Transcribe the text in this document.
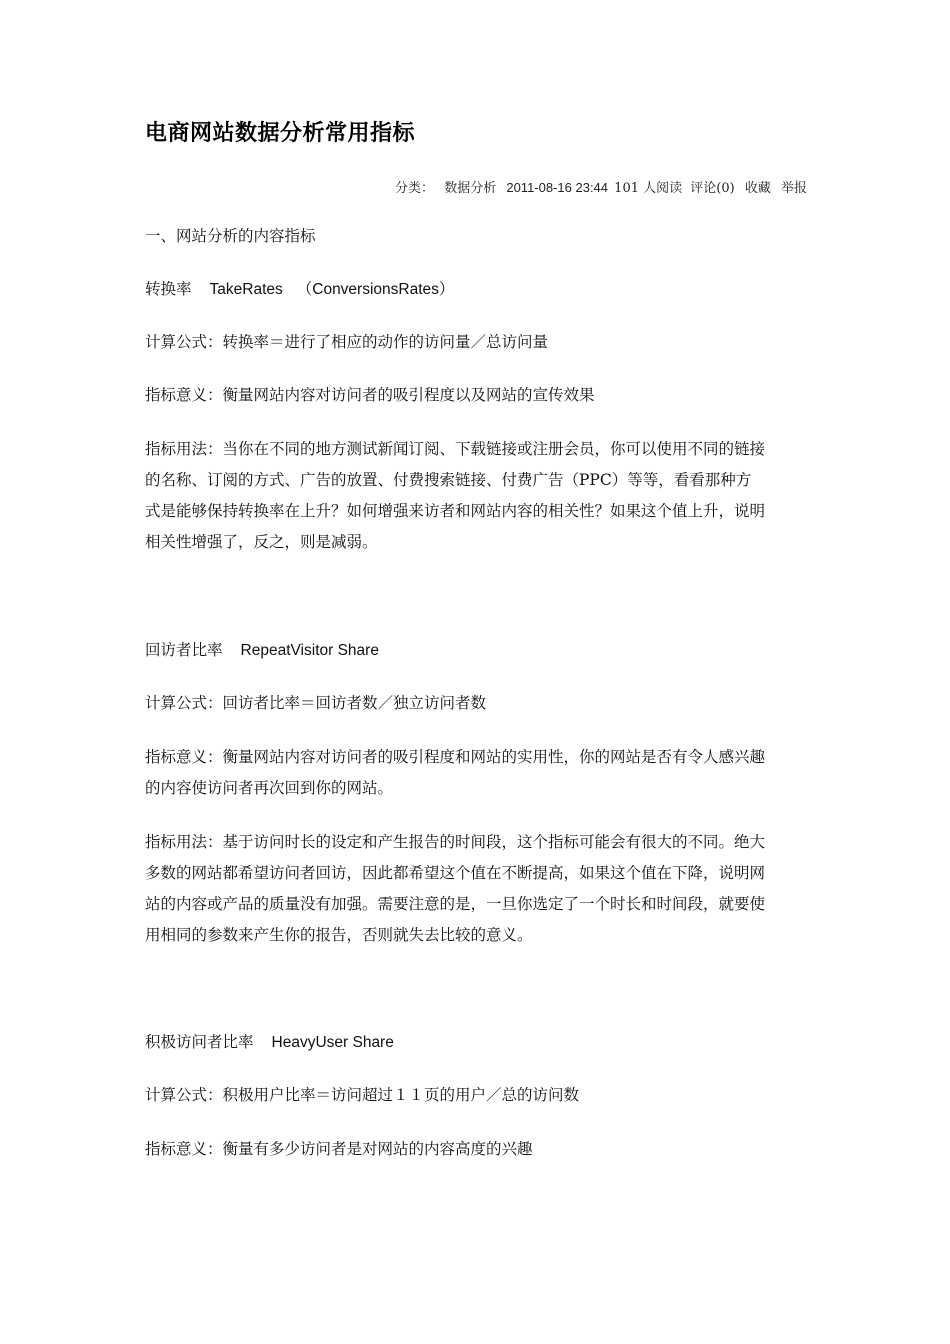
电商网站数据分析常用指标
分类： 数据分析 2011-08-16 23:44 101 人阅读 评论(0) 收藏 举报

一、网站分析的内容指标

转换率 TakeRates （ConversionsRates）

计算公式：转换率＝进行了相应的动作的访问量／总访问量

指标意义：衡量网站内容对访问者的吸引程度以及网站的宣传效果

指标用法：当你在不同的地方测试新闻订阅、下载链接或注册会员，你可以使用不同的链接
的名称、订阅的方式、广告的放置、付费搜索链接、付费广告（PPC）等等，看看那种方
式是能够保持转换率在上升？如何增强来访者和网站内容的相关性？如果这个值上升，说明
相关性增强了，反之，则是减弱。

回访者比率 RepeatVisitor Share

计算公式：回访者比率＝回访者数／独立访问者数

指标意义：衡量网站内容对访问者的吸引程度和网站的实用性，你的网站是否有令人感兴趣
的内容使访问者再次回到你的网站。

指标用法：基于访问时长的设定和产生报告的时间段，这个指标可能会有很大的不同。绝大
多数的网站都希望访问者回访，因此都希望这个值在不断提高，如果这个值在下降，说明网
站的内容或产品的质量没有加强。需要注意的是，一旦你选定了一个时长和时间段，就要使
用相同的参数来产生你的报告，否则就失去比较的意义。

积极访问者比率 HeavyUser Share

计算公式：积极用户比率＝访问超过１１页的用户／总的访问数

指标意义：衡量有多少访问者是对网站的内容高度的兴趣
